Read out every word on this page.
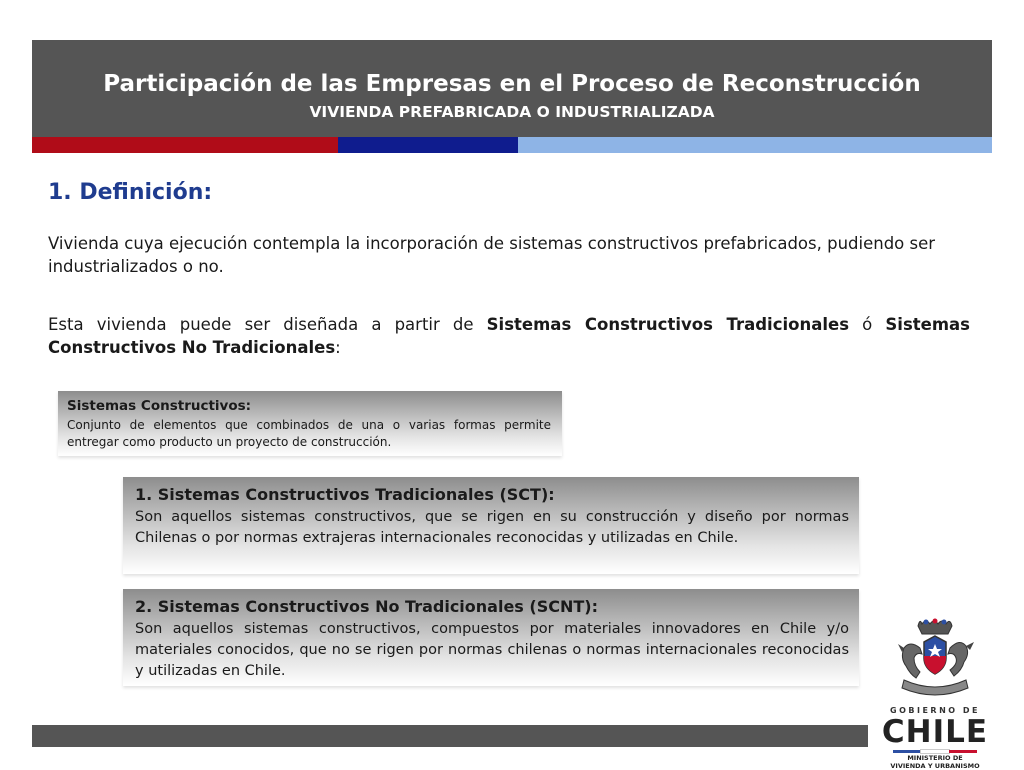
Participación de las Empresas en el Proceso de Reconstrucción
VIVIENDA PREFABRICADA O INDUSTRIALIZADA
1. Definición:

Vivienda cuya ejecución contempla la incorporación de sistemas constructivos prefabricados, pudiendo ser industrializados o no.

Esta vivienda puede ser diseñada a partir de Sistemas Constructivos Tradicionales ó Sistemas Constructivos No Tradicionales:

Sistemas Constructivos:

Conjunto de elementos que combinados de una o varias formas permite entregar como producto un proyecto de construcción.

1. Sistemas Constructivos Tradicionales (SCT):

Son aquellos sistemas constructivos, que se rigen en su construcción y diseño por normas Chilenas o por normas extrajeras internacionales reconocidas y utilizadas en Chile.

2. Sistemas Constructivos No Tradicionales (SCNT):

Son aquellos sistemas constructivos, compuestos por materiales innovadores en Chile y/o materiales conocidos, que no se rigen por normas chilenas o normas internacionales reconocidas y utilizadas en Chile.

GOBIERNO DE
CHILE
MINISTERIO DE
VIVIENDA Y URBANISMO
